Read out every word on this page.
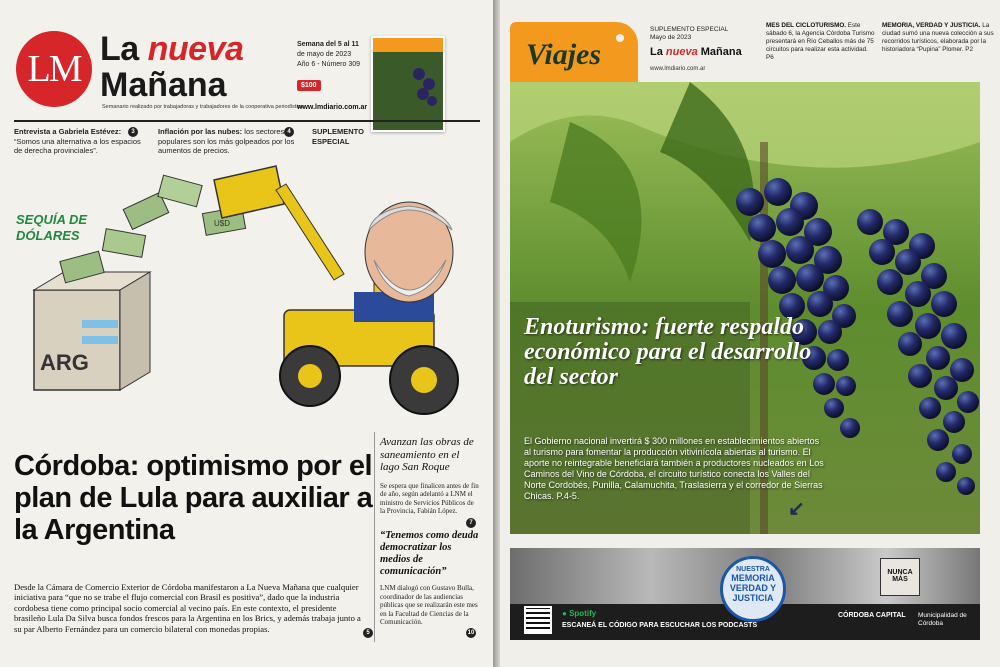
LM La nueva
Mañana
Semanario realizado por trabajadoras y trabajadores de la cooperativa periodística.
Semana del 5 al 11
de mayo de 2023
Año 6 - Número 309
$100
www.lmdiario.com.ar
Entrevista a Gabriela Estévez: “Somos una alternativa a los espacios de derecha provinciales”.
3	Inflación por las nubes: los sectores populares son los más golpeados por los aumentos de precios.
4	SUPLEMENTO ESPECIAL
ARG
U$D
SEQUÍA DE
DÓLARES
Córdoba: optimismo por el plan de Lula para auxiliar a la Argentina
Desde la Cámara de Comercio Exterior de Córdoba manifestaron a La Nueva Mañana que cualquier iniciativa para “que no se trabe el flujo comercial con Brasil es positiva”, dado que la industria cordobesa tiene como principal socio comercial al vecino país. En este contexto, el presidente brasileño Lula Da Silva busca fondos frescos para la Argentina en los Brics, y además trabaja junto a su par Alberto Fernández para un comercio bilateral con monedas propias.	5
Avanzan las obras de saneamiento en el lago San Roque
Se espera que finalicen antes de fin de año, según adelantó a LNM el ministro de Servicios Públicos de la Provincia, Fabián López.
7
“Tenemos como deuda democratizar los medios de comunicación”
LNM dialogó con Gustavo Bulla, coordinador de las audiencias públicas que se realizarán este mes en la Facultad de Ciencias de la Comunicación.
10
Viajes
SUPLEMENTO ESPECIAL
Mayo de 2023
La nueva Mañana
www.lmdiario.com.ar
MES DEL CICLOTURISMO. Este sábado 6, la Agencia Córdoba Turismo presentará en Río Ceballos más de 75 circuitos para realizar esta actividad. P6
MEMORIA, VERDAD Y JUSTICIA. La ciudad sumó una nueva colección a sus recorridos turísticos, elaborada por la historiadora “Pupina” Plomer. P2
Enoturismo: fuerte respaldo económico para el desarrollo del sector
El Gobierno nacional invertirá $ 300 millones en establecimientos abiertos al turismo para fomentar la producción vitivinícola abiertas al turismo. El aporte no reintegrable beneficiará también a productores nucleados en Los Caminos del Vino de Córdoba, el circuito turístico conecta los Valles del Norte Cordobés, Punilla, Calamuchita, Traslasierra y el corredor de Sierras Chicas. P.4-5.
↙
NUNCA MÁS
NUESTRA
MEMORIA VERDAD Y JUSTICIA
● Spotify
ESCANEÁ EL CÓDIGO PARA ESCUCHAR LOS PODCASTS
CÓRDOBA CAPITAL Municipalidad de Córdoba
